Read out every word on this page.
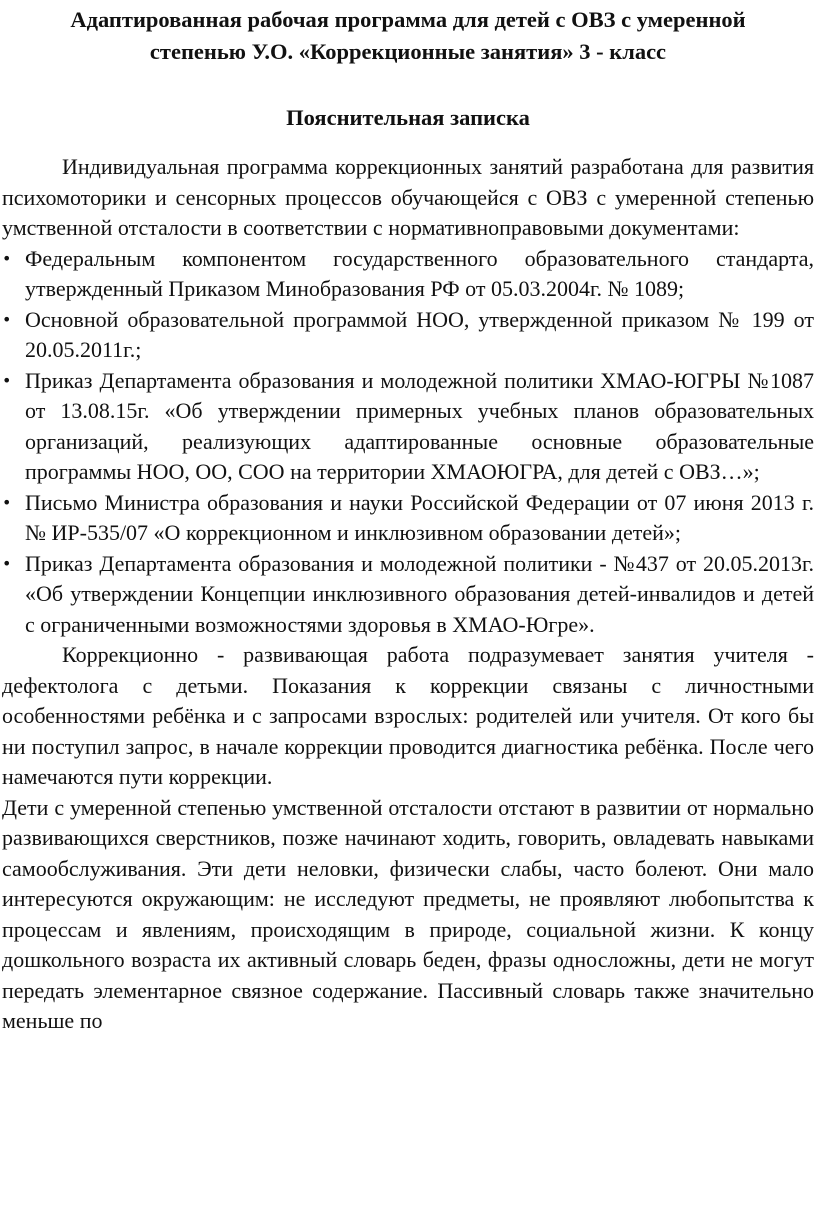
Адаптированная рабочая программа для детей с ОВЗ с умеренной степенью У.О. «Коррекционные занятия» 3 - класс
Пояснительная записка

Индивидуальная программа коррекционных занятий разработана для развития психомоторики и сенсорных процессов обучающейся с ОВЗ с умеренной степенью умственной отсталости в соответствии с нормативноправовыми документами:

• Федеральным компонентом государственного образовательного стандарта, утвержденный Приказом Минобразования РФ от 05.03.2004г. № 1089;
• Основной образовательной программой НОО, утвержденной приказом № 199 от 20.05.2011г.;
• Приказ Департамента образования и молодежной политики ХМАО-ЮГРЫ №1087 от 13.08.15г. «Об утверждении примерных учебных планов образовательных организаций, реализующих адаптированные основные образовательные программы НОО, ОО, СОО на территории ХМАОЮГРА, для детей с ОВЗ…»;
• Письмо Министра образования и науки Российской Федерации от 07 июня 2013 г. № ИР-535/07 «О коррекционном и инклюзивном образовании детей»;
• Приказ Департамента образования и молодежной политики - №437 от 20.05.2013г. «Об утверждении Концепции инклюзивного образования детей-инвалидов и детей с ограниченными возможностями здоровья в ХМАО-Югре».

Коррекционно - развивающая работа подразумевает занятия учителя - дефектолога с детьми. Показания к коррекции связаны с личностными особенностями ребёнка и с запросами взрослых: родителей или учителя. От кого бы ни поступил запрос, в начале коррекции проводится диагностика ребёнка. После чего намечаются пути коррекции.

Дети с умеренной степенью умственной отсталости отстают в развитии от нормально развивающихся сверстников, позже начинают ходить, говорить, овладевать навыками самообслуживания. Эти дети неловки, физически слабы, часто болеют. Они мало интересуются окружающим: не исследуют предметы, не проявляют любопытства к процессам и явлениям, происходящим в природе, социальной жизни. К концу дошкольного возраста их активный словарь беден, фразы односложны, дети не могут передать элементарное связное содержание. Пассивный словарь также значительно меньше по
